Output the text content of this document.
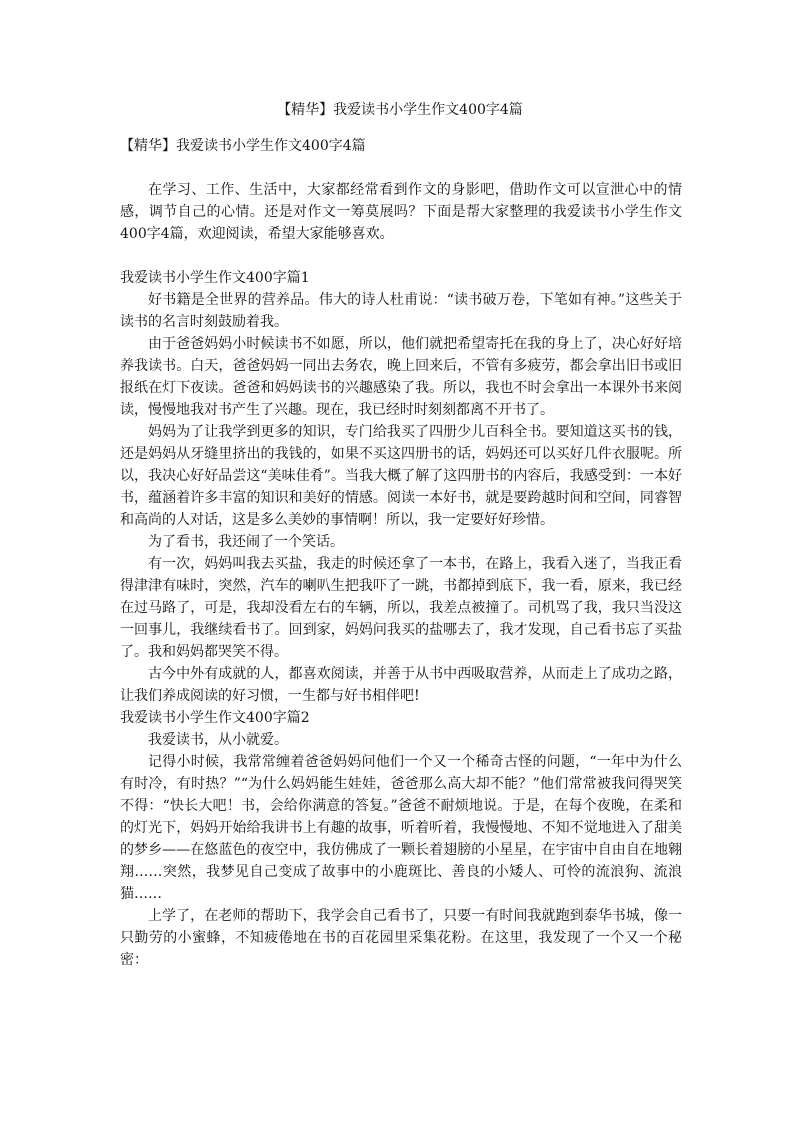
【精华】我爱读书小学生作文400字4篇

【精华】我爱读书小学生作文400字4篇

在学习、工作、生活中，大家都经常看到作文的身影吧，借助作文可以宣泄心中的情感，调节自己的心情。还是对作文一筹莫展吗？下面是帮大家整理的我爱读书小学生作文400字4篇，欢迎阅读，希望大家能够喜欢。

我爱读书小学生作文400字篇1

好书籍是全世界的营养品。伟大的诗人杜甫说：“读书破万卷，下笔如有神。”这些关于读书的名言时刻鼓励着我。

由于爸爸妈妈小时候读书不如愿，所以，他们就把希望寄托在我的身上了，决心好好培养我读书。白天，爸爸妈妈一同出去务农，晚上回来后，不管有多疲劳，都会拿出旧书或旧报纸在灯下夜读。爸爸和妈妈读书的兴趣感染了我。所以，我也不时会拿出一本课外书来阅读，慢慢地我对书产生了兴趣。现在，我已经时时刻刻都离不开书了。

妈妈为了让我学到更多的知识，专门给我买了四册少儿百科全书。要知道这买书的钱，还是妈妈从牙缝里挤出的我钱的，如果不买这四册书的话，妈妈还可以买好几件衣服呢。所以，我决心好好品尝这“美味佳肴”。当我大概了解了这四册书的内容后，我感受到：一本好书，蕴涵着许多丰富的知识和美好的情感。阅读一本好书，就是要跨越时间和空间，同睿智和高尚的人对话，这是多么美妙的事情啊！所以，我一定要好好珍惜。

为了看书，我还闹了一个笑话。

有一次，妈妈叫我去买盐，我走的时候还拿了一本书，在路上，我看入迷了，当我正看得津津有味时，突然，汽车的喇叭生把我吓了一跳，书都掉到底下，我一看，原来，我已经在过马路了，可是，我却没看左右的车辆，所以，我差点被撞了。司机骂了我，我只当没这一回事儿，我继续看书了。回到家，妈妈问我买的盐哪去了，我才发现，自己看书忘了买盐了。我和妈妈都哭笑不得。

古今中外有成就的人，都喜欢阅读，并善于从书中西吸取营养，从而走上了成功之路，让我们养成阅读的好习惯，一生都与好书相伴吧!

我爱读书小学生作文400字篇2

我爱读书，从小就爱。

记得小时候，我常常缠着爸爸妈妈问他们一个又一个稀奇古怪的问题，“一年中为什么有时冷，有时热？”“为什么妈妈能生娃娃，爸爸那么高大却不能？”他们常常被我问得哭笑不得：“快长大吧！书，会给你满意的答复。”爸爸不耐烦地说。于是，在每个夜晚，在柔和的灯光下，妈妈开始给我讲书上有趣的故事，听着听着，我慢慢地、不知不觉地进入了甜美的梦乡——在悠蓝色的夜空中，我仿佛成了一颗长着翅膀的小星星，在宇宙中自由自在地翱翔……突然，我梦见自己变成了故事中的小鹿斑比、善良的小矮人、可怜的流浪狗、流浪猫……

上学了，在老师的帮助下，我学会自己看书了，只要一有时间我就跑到泰华书城，像一只勤劳的小蜜蜂，不知疲倦地在书的百花园里采集花粉。在这里，我发现了一个又一个秘密：
